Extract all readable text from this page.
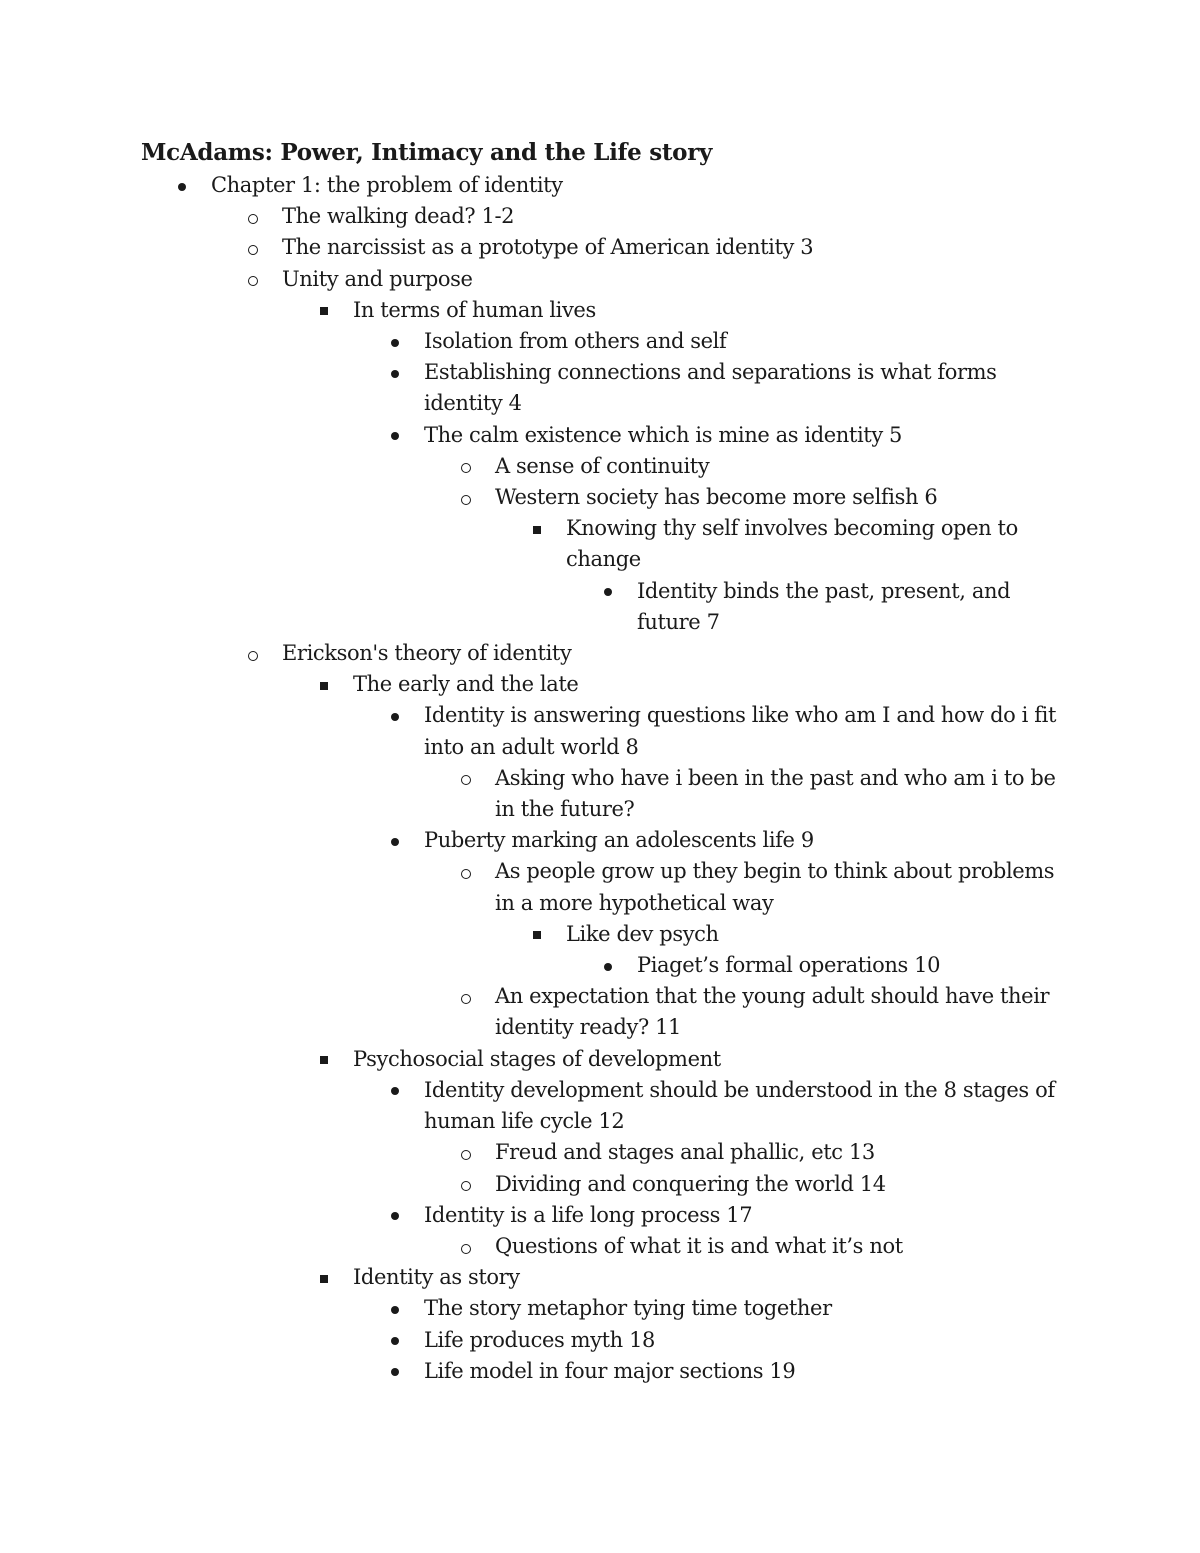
McAdams: Power, Intimacy and the Life story
Chapter 1: the problem of identity
The walking dead? 1-2
The narcissist as a prototype of American identity 3
Unity and purpose
In terms of human lives
Isolation from others and self
Establishing connections and separations is what forms identity 4
The calm existence which is mine as identity 5
A sense of continuity
Western society has become more selfish 6
Knowing thy self involves becoming open to change
Identity binds the past, present, and future 7
Erickson's theory of identity
The early and the late
Identity is answering questions like who am I and how do i fit into an adult world 8
Asking who have i been in the past and who am i to be in the future?
Puberty marking an adolescents life 9
As people grow up they begin to think about problems in a more hypothetical way
Like dev psych
Piaget’s formal operations 10
An expectation that the young adult should have their identity ready? 11
Psychosocial stages of development
Identity development should be understood in the 8 stages of human life cycle 12
Freud and stages anal phallic, etc 13
Dividing and conquering the world 14
Identity is a life long process 17
Questions of what it is and what it’s not
Identity as story
The story metaphor tying time together
Life produces myth 18
Life model in four major sections 19
